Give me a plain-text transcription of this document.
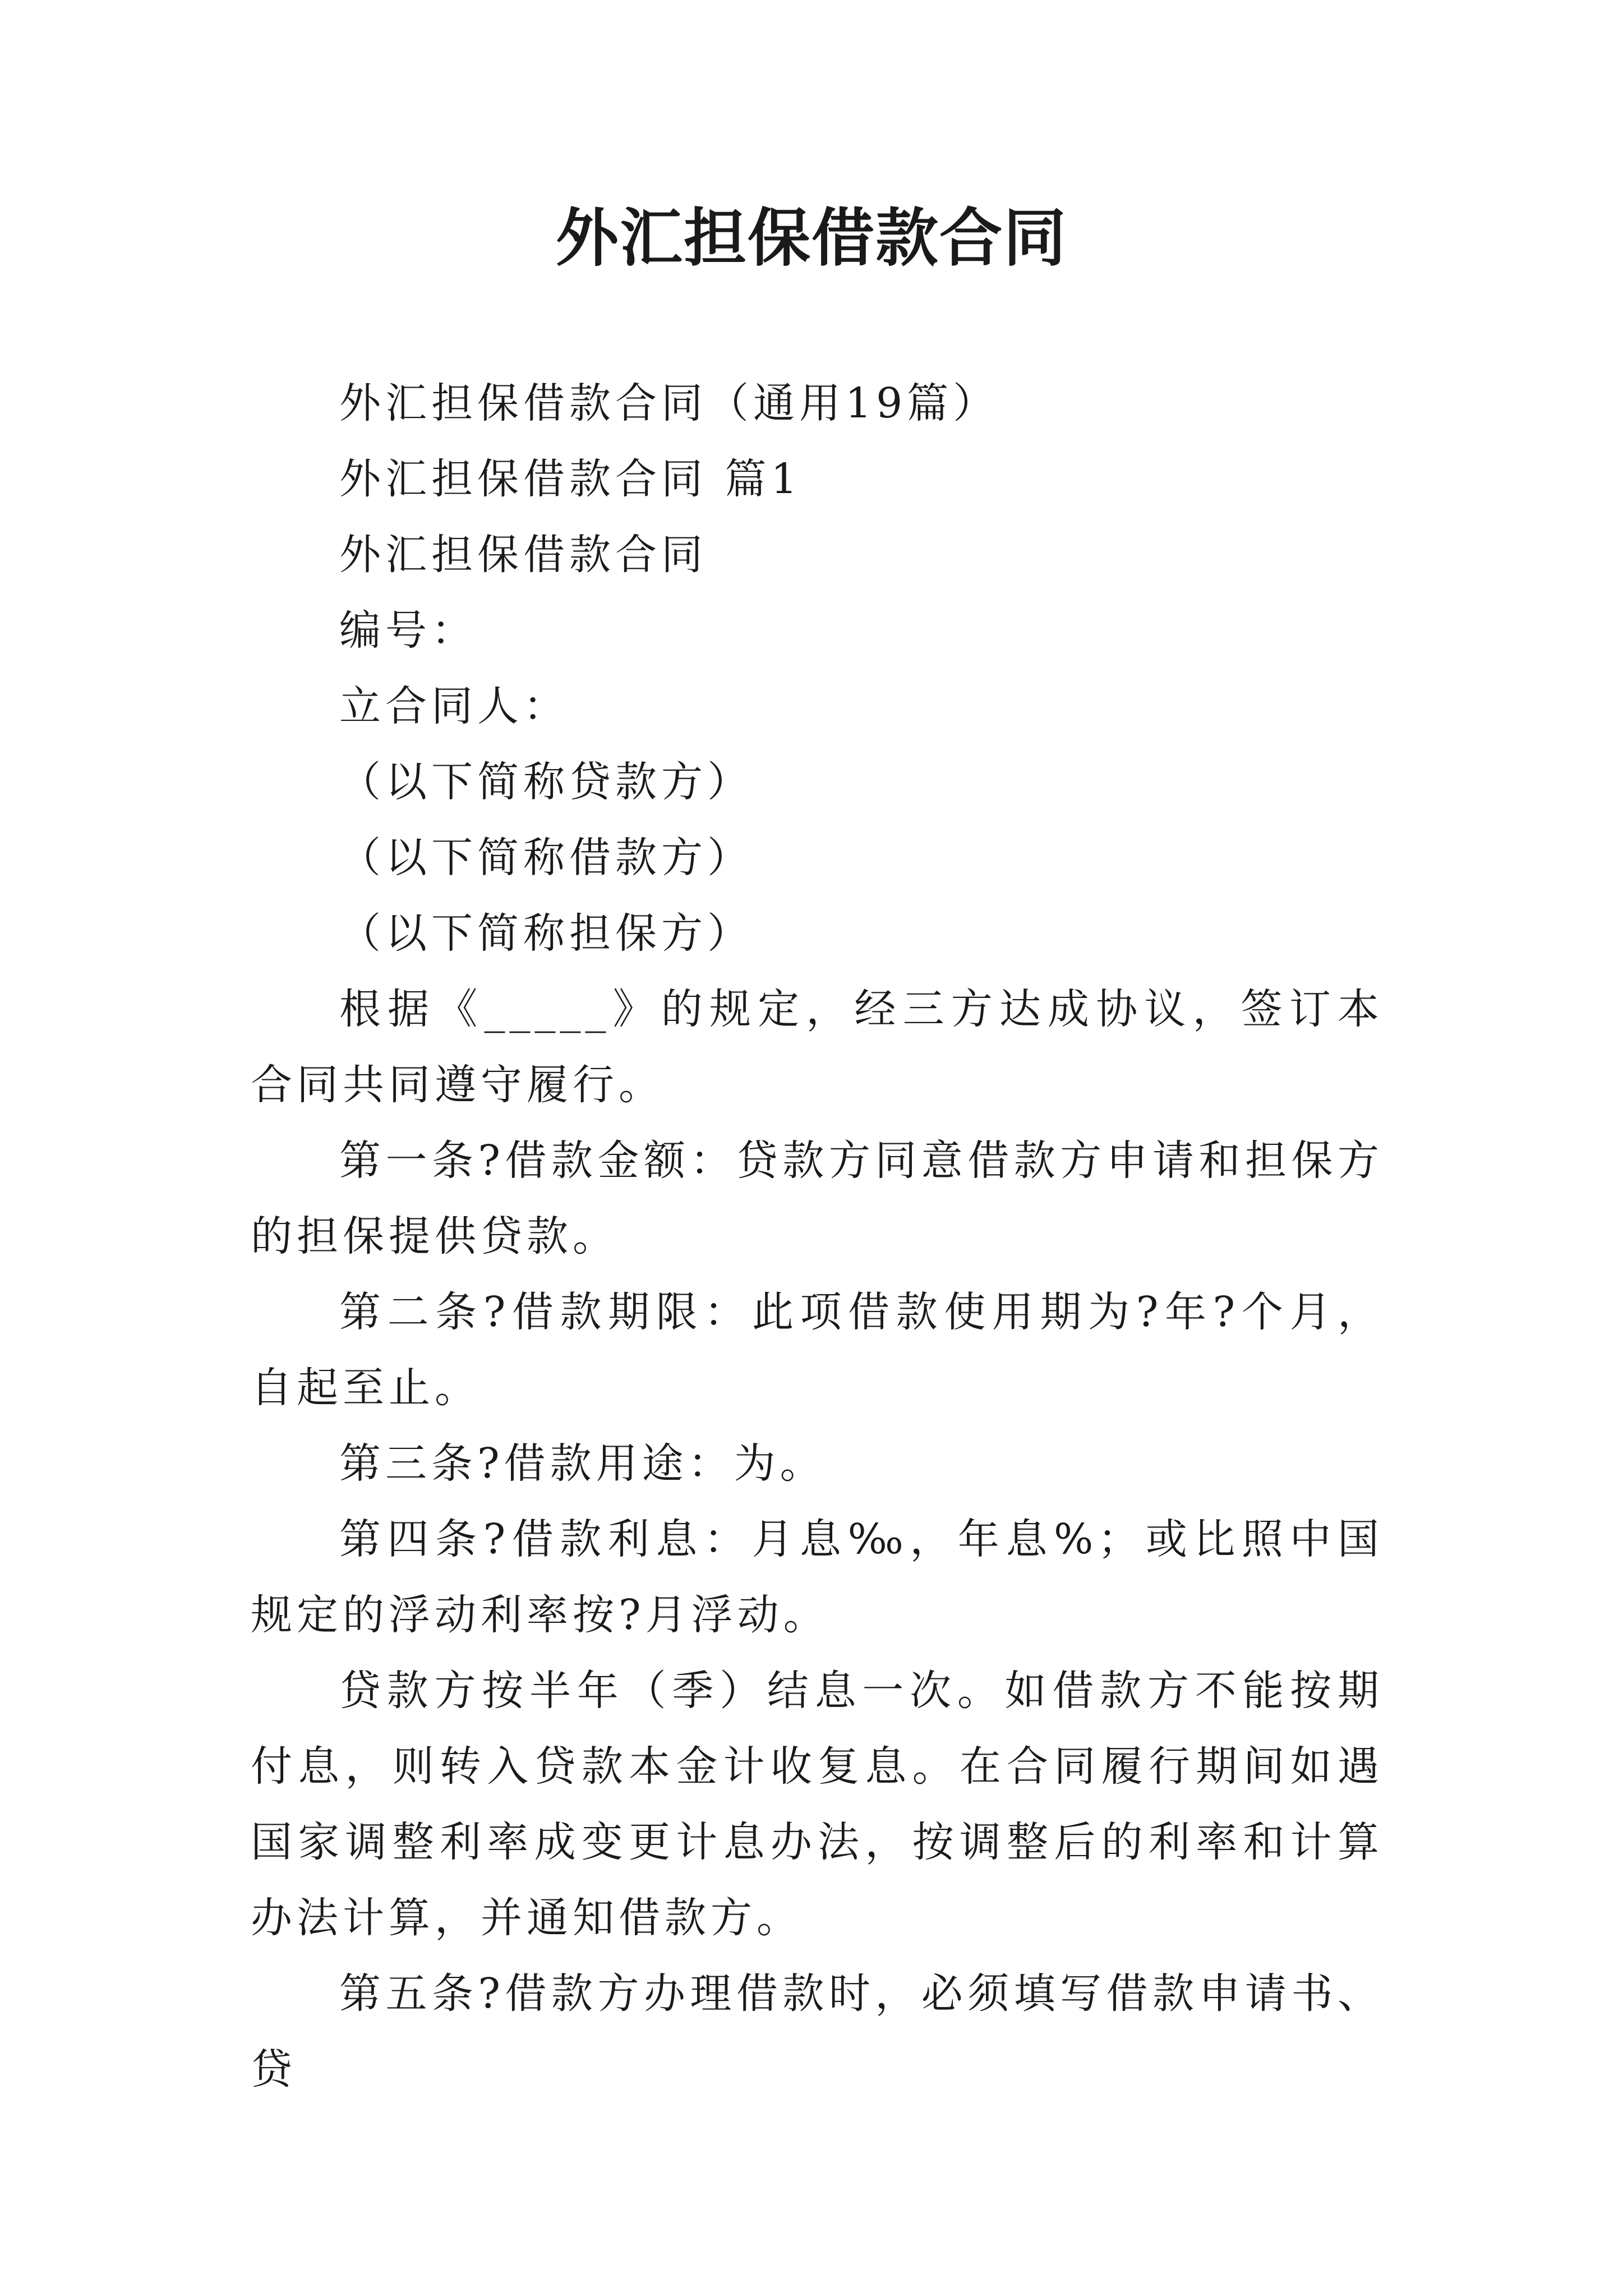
外汇担保借款合同

外汇担保借款合同（通用19篇）

外汇担保借款合同 篇1

外汇担保借款合同

编号：

立合同人：

（以下简称贷款方）

（以下简称借款方）

（以下简称担保方）

根据《_____》的规定，经三方达成协议，签订本合同共同遵守履行。

第一条?借款金额：贷款方同意借款方申请和担保方的担保提供贷款。

第二条?借款期限：此项借款使用期为?年?个月，自起至止。

第三条?借款用途：为。

第四条?借款利息：月息‰，年息%；或比照中国规定的浮动利率按?月浮动。

贷款方按半年（季）结息一次。如借款方不能按期付息，则转入贷款本金计收复息。在合同履行期间如遇国家调整利率成变更计息办法，按调整后的利率和计算办法计算，并通知借款方。

第五条?借款方办理借款时，必须填写借款申请书、贷
